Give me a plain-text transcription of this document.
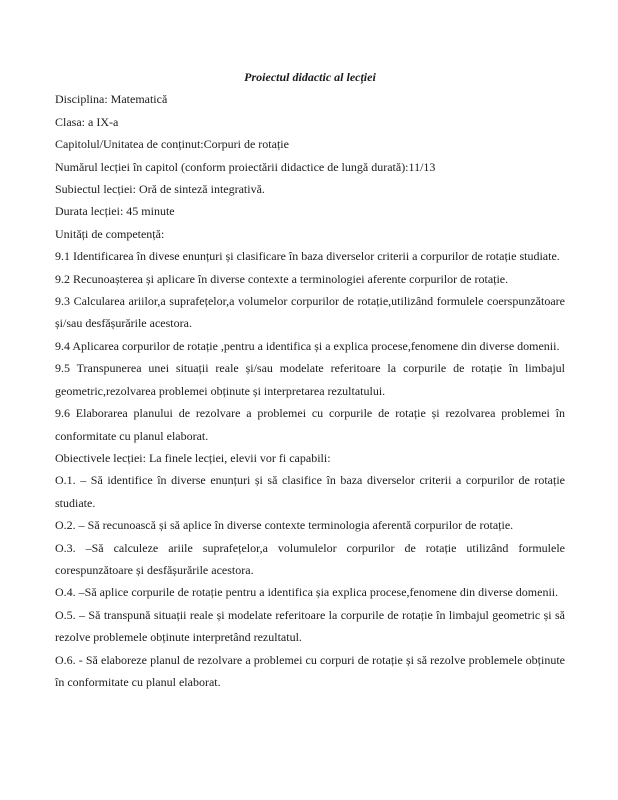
Proiectul didactic al lecției

Disciplina: Matematică

Clasa: a IX-a

Capitolul/Unitatea de conținut:Corpuri de rotație

Numărul lecției în capitol (conform proiectării didactice de lungă durată):11/13

Subiectul lecției: Oră de sinteză integrativă.

Durata lecției: 45 minute

Unități de competență:

9.1 Identificarea în divese enunțuri și clasificare în baza diverselor criterii a corpurilor de rotație studiate.

9.2 Recunoașterea și aplicare în diverse contexte a terminologiei aferente corpurilor de rotație.

9.3 Calcularea ariilor,a suprafețelor,a volumelor corpurilor de rotație,utilizând formulele coerspunzătoare și/sau desfășurările acestora.

9.4 Aplicarea corpurilor de rotație ,pentru a identifica și a explica procese,fenomene din diverse domenii.

9.5 Transpunerea unei situații reale și/sau modelate referitoare la corpurile de rotație în limbajul geometric,rezolvarea problemei obținute și interpretarea rezultatului.

9.6 Elaborarea planului de rezolvare a problemei cu corpurile de rotație și rezolvarea problemei în conformitate cu planul elaborat.

Obiectivele lecției: La finele lecției, elevii vor fi capabili:

O.1. – Să identifice în diverse enunțuri și să clasifice în baza diverselor criterii a corpurilor de rotație studiate.

O.2. – Să recunoască și să aplice în diverse contexte terminologia aferentă corpurilor de rotație.

O.3. –Să calculeze ariile suprafețelor,a volumulelor corpurilor de rotație utilizând formulele corespunzătoare și desfășurările acestora.

O.4. –Să aplice corpurile de rotație pentru a identifica șia explica procese,fenomene din diverse domenii.

O.5. – Să transpună situații reale și modelate referitoare la corpurile de rotație în limbajul geometric și să rezolve problemele obținute interpretând rezultatul.

O.6. - Să elaboreze planul de rezolvare a problemei cu corpuri de rotație și să rezolve problemele obținute în conformitate cu planul elaborat.
